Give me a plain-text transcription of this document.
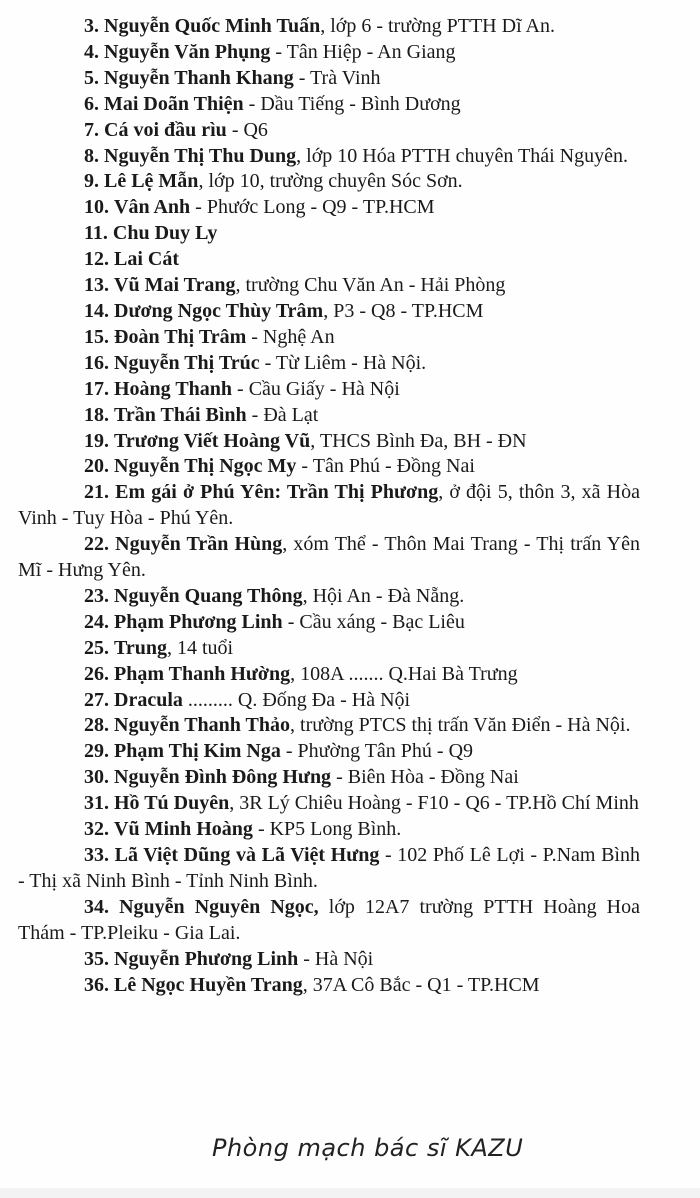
3. Nguyễn Quốc Minh Tuấn, lớp 6 - trường PTTH Dĩ An.

4. Nguyễn Văn Phụng - Tân Hiệp - An Giang

5. Nguyễn Thanh Khang - Trà Vinh

6. Mai Doãn Thiện - Dầu Tiếng - Bình Dương

7. Cá voi đầu rìu - Q6

8. Nguyễn Thị Thu Dung, lớp 10 Hóa PTTH chuyên Thái Nguyên.

9. Lê Lệ Mẫn, lớp 10, trường chuyên Sóc Sơn.

10. Vân Anh - Phước Long - Q9 - TP.HCM

11. Chu Duy Ly

12. Lai Cát

13. Vũ Mai Trang, trường Chu Văn An - Hải Phòng

14. Dương Ngọc Thùy Trâm, P3 - Q8 - TP.HCM

15. Đoàn Thị Trâm - Nghệ An

16. Nguyễn Thị Trúc - Từ Liêm - Hà Nội.

17. Hoàng Thanh - Cầu Giấy - Hà Nội

18. Trần Thái Bình - Đà Lạt

19. Trương Viết Hoàng Vũ, THCS Bình Đa, BH - ĐN

20. Nguyễn Thị Ngọc My - Tân Phú - Đồng Nai

21. Em gái ở Phú Yên: Trần Thị Phương, ở đội 5, thôn 3, xã Hòa Vinh - Tuy Hòa - Phú Yên.

22. Nguyễn Trần Hùng, xóm Thể - Thôn Mai Trang - Thị trấn Yên Mĩ - Hưng Yên.

23. Nguyễn Quang Thông, Hội An - Đà Nẵng.

24. Phạm Phương Linh - Cầu xáng - Bạc Liêu

25. Trung, 14 tuổi

26. Phạm Thanh Hường, 108A ....... Q.Hai Bà Trưng

27. Dracula ......... Q. Đống Đa - Hà Nội

28. Nguyễn Thanh Thảo, trường PTCS thị trấn Văn Điển - Hà Nội.

29. Phạm Thị Kim Nga - Phường Tân Phú - Q9

30. Nguyễn Đình Đông Hưng - Biên Hòa - Đồng Nai

31. Hồ Tú Duyên, 3R Lý Chiêu Hoàng - F10 - Q6 - TP.Hồ Chí Minh

32. Vũ Minh Hoàng - KP5 Long Bình.

33. Lã Việt Dũng và Lã Việt Hưng - 102 Phố Lê Lợi - P.Nam Bình - Thị xã Ninh Bình - Tỉnh Ninh Bình.

34. Nguyễn Nguyên Ngọc, lớp 12A7 trường PTTH Hoàng Hoa Thám - TP.Pleiku - Gia Lai.

35. Nguyễn Phương Linh - Hà Nội

36. Lê Ngọc Huyền Trang, 37A Cô Bắc - Q1 - TP.HCM

Phòng mạch bác sĩ KAZU
